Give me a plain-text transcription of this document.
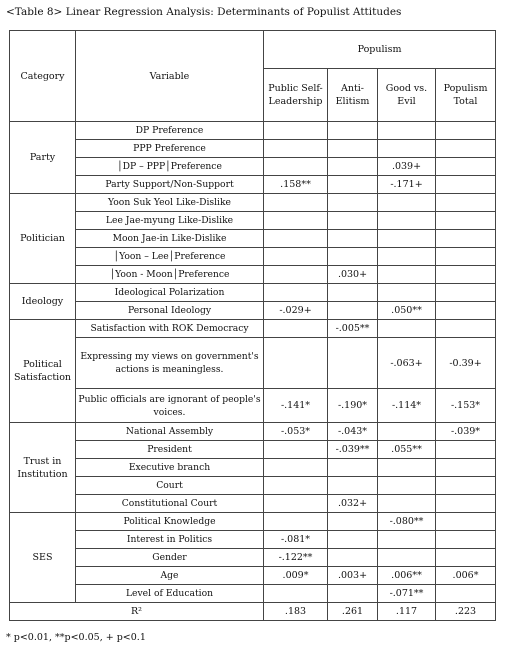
<Table 8> Linear Regression Analysis: Determinants of Populist Attitudes
Category	Variable	Populism			
		Public Self-Leadership	Anti-Elitism	Good vs. Evil	Populism Total
Party	DP Preference				
	PPP Preference				
	│DP – PPP│Preference			.039+	
	Party Support/Non-Support	.158**		-.171+	
Politician	Yoon Suk Yeol Like-Dislike				
	Lee Jae-myung Like-Dislike				
	Moon Jae-in Like-Dislike				
	│Yoon – Lee│Preference				
	│Yoon - Moon│Preference		.030+		
Ideology	Ideological Polarization				
	Personal Ideology	-.029+		.050**	
Political Satisfaction	Satisfaction with ROK Democracy		-.005**		
	Expressing my views on government's actions is meaningless.			-.063+	-0.39+
	Public officials are ignorant of people's voices.	-.141*	-.190*	-.114*	-.153*
Trust in Institution	National Assembly	-.053*	-.043*		-.039*
	President		-.039**	.055**	
	Executive branch				
	Court				
	Constitutional Court		.032+		
SES	Political Knowledge			-.080**	
	Interest in Politics	-.081*			
	Gender	-.122**			
	Age	.009*	.003+	.006**	.006*
	Level of Education			-.071**	
R²		.183	.261	.117	.223
* p<0.01, **p<0.05, + p<0.1
